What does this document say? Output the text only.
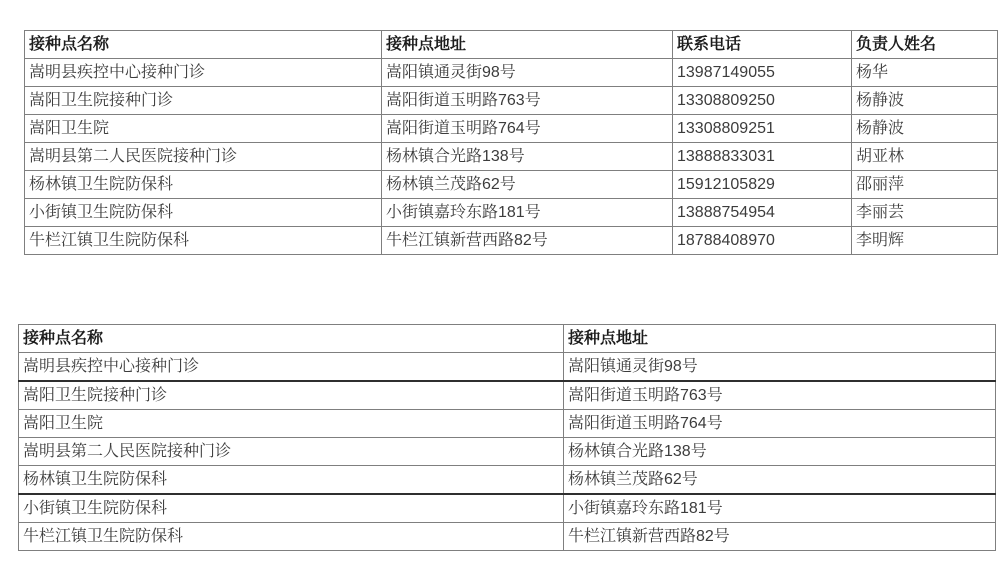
接种点名称	接种点地址	联系电话	负责人姓名
嵩明县疾控中心接种门诊	嵩阳镇通灵街98号	13987149055	杨华
嵩阳卫生院接种门诊	嵩阳街道玉明路763号	13308809250	杨静波
嵩阳卫生院	嵩阳街道玉明路764号	13308809251	杨静波
嵩明县第二人民医院接种门诊	杨林镇合光路138号	13888833031	胡亚林
杨林镇卫生院防保科	杨林镇兰茂路62号	15912105829	邵丽萍
小街镇卫生院防保科	小街镇嘉玲东路181号	13888754954	李丽芸
牛栏江镇卫生院防保科	牛栏江镇新营西路82号	18788408970	李明辉
接种点名称	接种点地址
嵩明县疾控中心接种门诊	嵩阳镇通灵街98号
嵩阳卫生院接种门诊	嵩阳街道玉明路763号
嵩阳卫生院	嵩阳街道玉明路764号
嵩明县第二人民医院接种门诊	杨林镇合光路138号
杨林镇卫生院防保科	杨林镇兰茂路62号
小街镇卫生院防保科	小街镇嘉玲东路181号
牛栏江镇卫生院防保科	牛栏江镇新营西路82号
